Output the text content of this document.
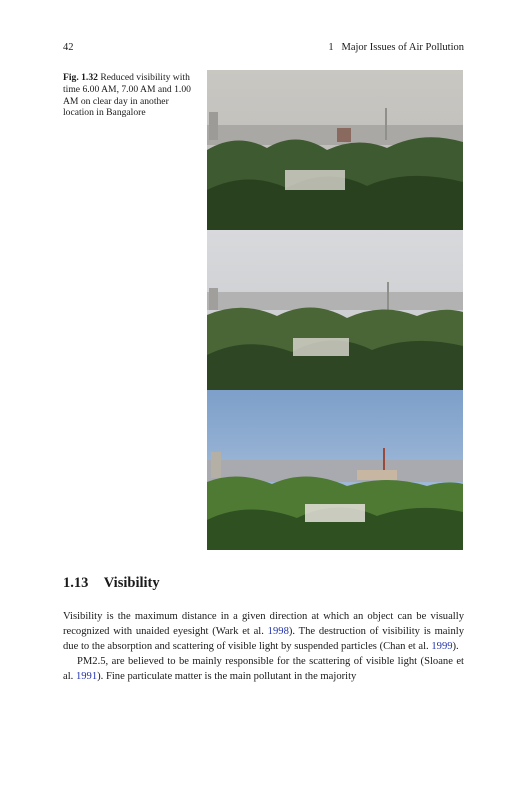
42	1   Major Issues of Air Pollution
Fig. 1.32 Reduced visibility with time 6.00 AM, 7.00 AM and 1.00 AM on clear day in another location in Bangalore
1.13 Visibility

Visibility is the maximum distance in a given direction at which an object can be visually recognized with unaided eyesight (Wark et al. 1998). The destruction of visibility is mainly due to the absorption and scattering of visible light by suspended particles (Chan et al. 1999).

PM2.5, are believed to be mainly responsible for the scattering of visible light (Sloane et al. 1991). Fine particulate matter is the main pollutant in the majority
